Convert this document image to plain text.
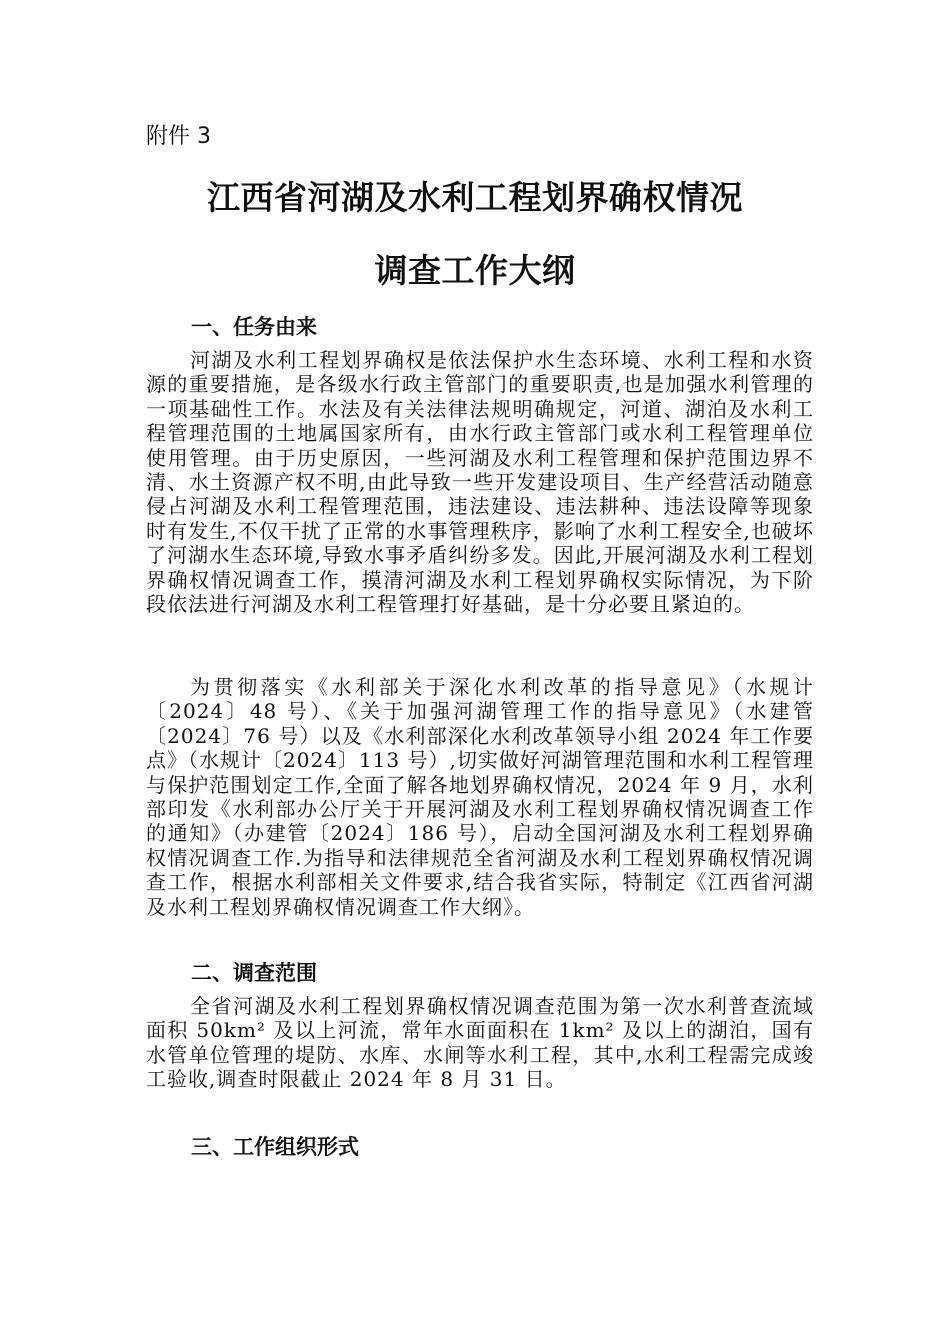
附件 3

江西省河湖及水利工程划界确权情况
调查工作大纲
一、任务由来

河湖及水利工程划界确权是依法保护水生态环境、水利工程和水资源的重要措施，是各级水行政主管部门的重要职责,也是加强水利管理的一项基础性工作。水法及有关法律法规明确规定，河道、湖泊及水利工程管理范围的土地属国家所有，由水行政主管部门或水利工程管理单位使用管理。由于历史原因，一些河湖及水利工程管理和保护范围边界不清、水土资源产权不明,由此导致一些开发建设项目、生产经营活动随意侵占河湖及水利工程管理范围，违法建设、违法耕种、违法设障等现象时有发生,不仅干扰了正常的水事管理秩序，影响了水利工程安全,也破坏了河湖水生态环境,导致水事矛盾纠纷多发。因此,开展河湖及水利工程划界确权情况调查工作，摸清河湖及水利工程划界确权实际情况，为下阶段依法进行河湖及水利工程管理打好基础，是十分必要且紧迫的。

为贯彻落实《水利部关于深化水利改革的指导意见》（水规计〔2024〕48 号）、《关于加强河湖管理工作的指导意见》（水建管〔2024〕76 号）以及《水利部深化水利改革领导小组 2024 年工作要点》（水规计〔2024〕113 号）,切实做好河湖管理范围和水利工程管理与保护范围划定工作,全面了解各地划界确权情况，2024 年 9 月，水利部印发《水利部办公厅关于开展河湖及水利工程划界确权情况调查工作的通知》（办建管〔2024〕186 号），启动全国河湖及水利工程划界确权情况调查工作.为指导和法律规范全省河湖及水利工程划界确权情况调查工作，根据水利部相关文件要求,结合我省实际，特制定《江西省河湖及水利工程划界确权情况调查工作大纲》。

二、调查范围

全省河湖及水利工程划界确权情况调查范围为第一次水利普查流域面积 50km² 及以上河流，常年水面面积在 1km² 及以上的湖泊，国有水管单位管理的堤防、水库、水闸等水利工程，其中,水利工程需完成竣工验收,调查时限截止 2024 年 8 月 31 日。

三、工作组织形式
